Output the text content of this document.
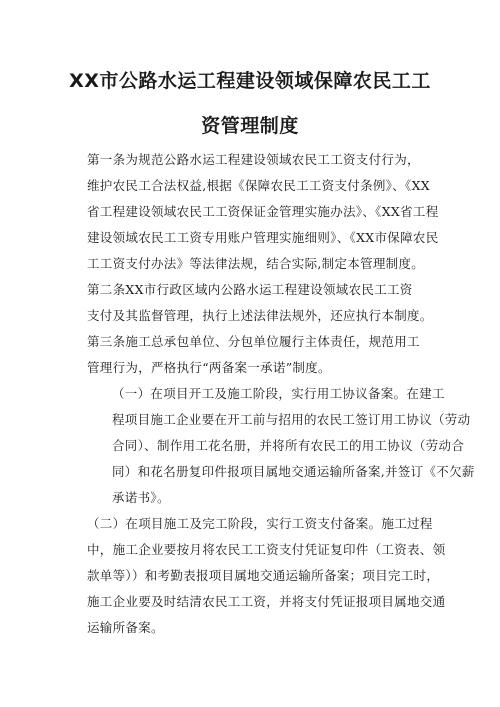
XX市公路水运工程建设领域保障农民工工
资管理制度

第一条为规范公路水运工程建设领域农民工工资支付行为，
维护农民工合法权益,根据《保障农民工工资支付条例》、《XX
省工程建设领域农民工工资保证金管理实施办法》、《XX省工程
建设领域农民工工资专用账户管理实施细则》、《XX市保障农民
工工资支付办法》等法律法规，结合实际,制定本管理制度。

第二条XX市行政区域内公路水运工程建设领域农民工工资
支付及其监督管理，执行上述法律法规外，还应执行本制度。

第三条施工总承包单位、分包单位履行主体责任，规范用工
管理行为，严格执行“两备案一承诺”制度。

（一）在项目开工及施工阶段，实行用工协议备案。在建工
程项目施工企业要在开工前与招用的农民工签订用工协议（劳动
合同）、制作用工花名册，并将所有农民工的用工协议（劳动合
同）和花名册复印件报项目属地交通运输所备案,并签订《不欠薪
承诺书》。

（二）在项目施工及完工阶段，实行工资支付备案。施工过程
中，施工企业要按月将农民工工资支付凭证复印件（工资表、领
款单等））和考勤表报项目属地交通运输所备案；项目完工时，
施工企业要及时结清农民工工资，并将支付凭证报项目属地交通
运输所备案。
